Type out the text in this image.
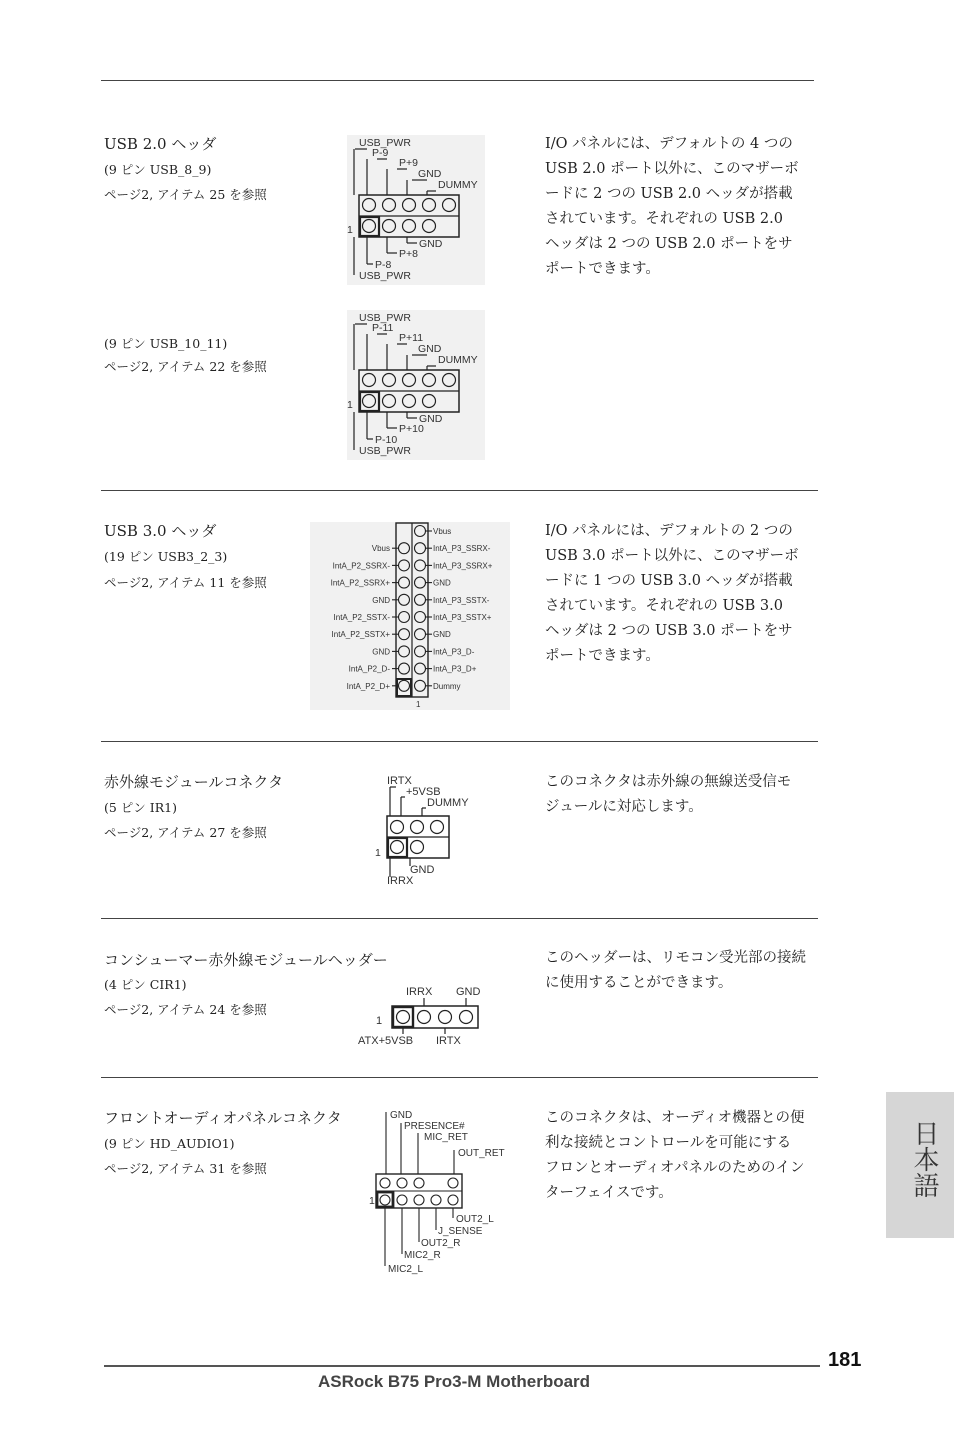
USB 2.0 ヘッダ
(9 ピン USB_8_9)
ページ2, アイテム 25 を参照
I/O パネルには、デフォルトの 4 つの
USB 2.0 ポート以外に、このマザーボ
ードに 2 つの USB 2.0 ヘッダが搭載
されています。それぞれの USB 2.0
ヘッダは 2 つの USB 2.0 ポートをサ
ポートできます。
USB_PWR
P-9
P+9
GND
DUMMY
1
GND
P+8
P-8
USB_PWR
(9 ピン USB_10_11)
ページ2, アイテム 22 を参照
USB_PWR
P-11
P+11
GND
DUMMY
1
GND
P+10
P-10
USB_PWR
USB 3.0 ヘッダ
(19 ピン USB3_2_3)
ページ2, アイテム 11 を参照
I/O パネルには、デフォルトの 2 つの
USB 3.0 ポート以外に、このマザーボ
ードに 1 つの USB 3.0 ヘッダが搭載
されています。それぞれの USB 3.0
ヘッダは 2 つの USB 3.0 ポートをサ
ポートできます。
Vbus
IntA_P3_SSRX-
IntA_P3_SSRX+
GND
IntA_P3_SSTX-
IntA_P3_SSTX+
GND
IntA_P3_D-
IntA_P3_D+
Dummy
Vbus
IntA_P2_SSRX-
IntA_P2_SSRX+
GND
IntA_P2_SSTX-
IntA_P2_SSTX+
GND
IntA_P2_D-
IntA_P2_D+
1
赤外線モジュールコネクタ
(5 ピン IR1)
ページ2, アイテム 27 を参照
このコネクタは赤外線の無線送受信モ
ジュールに対応します。
IRTX
+5VSB
DUMMY
1
GND
IRRX
コンシューマー赤外線モジュールヘッダー
(4 ピン CIR1)
ページ2, アイテム 24 を参照
このヘッダーは、リモコン受光部の接続
に使用することができます。
IRRX GND
1
ATX+5VSB IRTX
フロントオーディオパネルコネクタ
(9 ピン HD_AUDIO1)
ページ2, アイテム 31 を参照
このコネクタは、オーディオ機器との便
利な接続とコントロールを可能にする
フロンとオーディオパネルのためのイン
ターフェイスです。
GND
PRESENCE#
MIC_RET
OUT_RET
1
OUT2_L
J_SENSE
OUT2_R
MIC2_R
MIC2_L
日本語
181
ASRock B75 Pro3-M Motherboard
